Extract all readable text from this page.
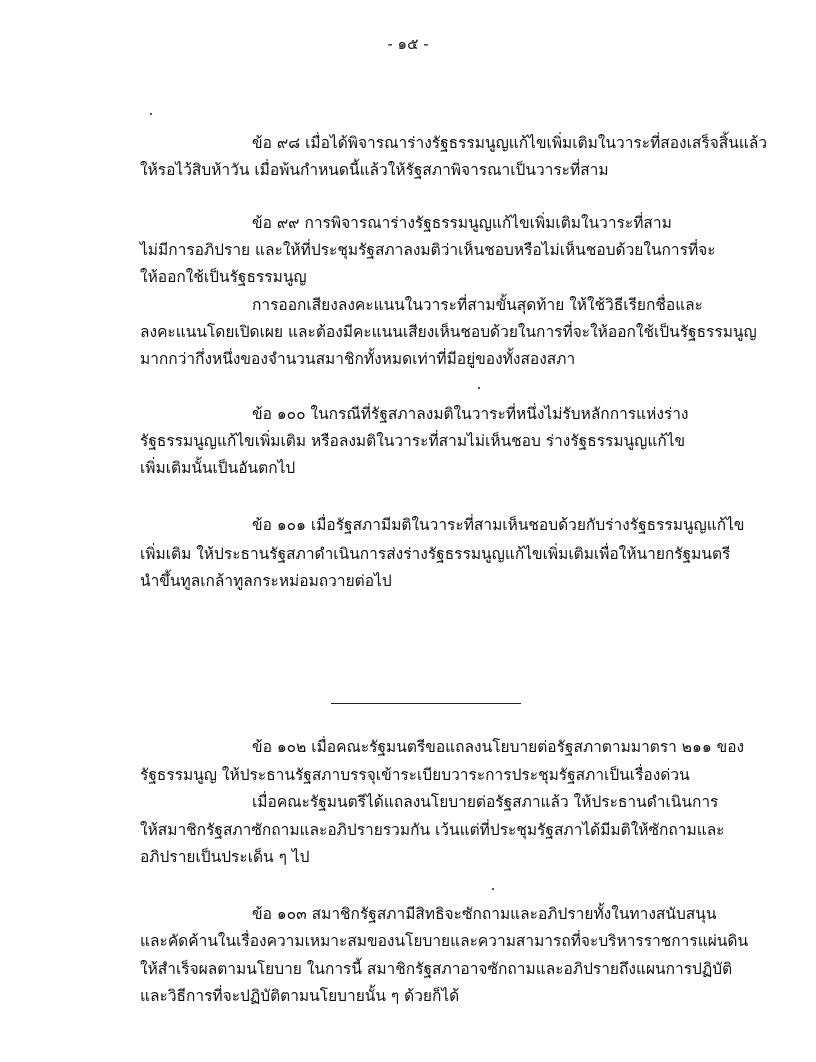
- ๑๕ -
ข้อ ๙๘ เมื่อได้พิจารณาร่างรัฐธรรมนูญแก้ไขเพิ่มเติมในวาระที่สองเสร็จสิ้นแล้ว
ให้รอไว้สิบห้าวัน เมื่อพ้นกำหนดนี้แล้วให้รัฐสภาพิจารณาเป็นวาระที่สาม
ข้อ ๙๙ การพิจารณาร่างรัฐธรรมนูญแก้ไขเพิ่มเติมในวาระที่สาม
ไม่มีการอภิปราย และให้ที่ประชุมรัฐสภาลงมติว่าเห็นชอบหรือไม่เห็นชอบด้วยในการที่จะ
ให้ออกใช้เป็นรัฐธรรมนูญ
การออกเสียงลงคะแนนในวาระที่สามขั้นสุดท้าย ให้ใช้วิธีเรียกชื่อและ
ลงคะแนนโดยเปิดเผย และต้องมีคะแนนเสียงเห็นชอบด้วยในการที่จะให้ออกใช้เป็นรัฐธรรมนูญ
มากกว่ากึ่งหนึ่งของจำนวนสมาชิกทั้งหมดเท่าที่มีอยู่ของทั้งสองสภา
ข้อ ๑๐๐ ในกรณีที่รัฐสภาลงมติในวาระที่หนึ่งไม่รับหลักการแห่งร่าง
รัฐธรรมนูญแก้ไขเพิ่มเติม หรือลงมติในวาระที่สามไม่เห็นชอบ ร่างรัฐธรรมนูญแก้ไข
เพิ่มเติมนั้นเป็นอันตกไป
ข้อ ๑๐๑ เมื่อรัฐสภามีมติในวาระที่สามเห็นชอบด้วยกับร่างรัฐธรรมนูญแก้ไข
เพิ่มเติม ให้ประธานรัฐสภาดำเนินการส่งร่างรัฐธรรมนูญแก้ไขเพิ่มเติมเพื่อให้นายกรัฐมนตรี
นำขึ้นทูลเกล้าทูลกระหม่อมถวายต่อไป
ข้อ ๑๐๒ เมื่อคณะรัฐมนตรีขอแถลงนโยบายต่อรัฐสภาตามมาตรา ๒๑๑ ของ
รัฐธรรมนูญ ให้ประธานรัฐสภาบรรจุเข้าระเบียบวาระการประชุมรัฐสภาเป็นเรื่องด่วน
เมื่อคณะรัฐมนตรีได้แถลงนโยบายต่อรัฐสภาแล้ว ให้ประธานดำเนินการ
ให้สมาชิกรัฐสภาซักถามและอภิปรายรวมกัน เว้นแต่ที่ประชุมรัฐสภาได้มีมติให้ซักถามและ
อภิปรายเป็นประเด็น ๆ ไป
ข้อ ๑๐๓ สมาชิกรัฐสภามีสิทธิจะซักถามและอภิปรายทั้งในทางสนับสนุน
และคัดค้านในเรื่องความเหมาะสมของนโยบายและความสามารถที่จะบริหารราชการแผ่นดิน
ให้สำเร็จผลตามนโยบาย ในการนี้ สมาชิกรัฐสภาอาจซักถามและอภิปรายถึงแผนการปฏิบัติ
และวิธีการที่จะปฏิบัติตามนโยบายนั้น ๆ ด้วยก็ได้
